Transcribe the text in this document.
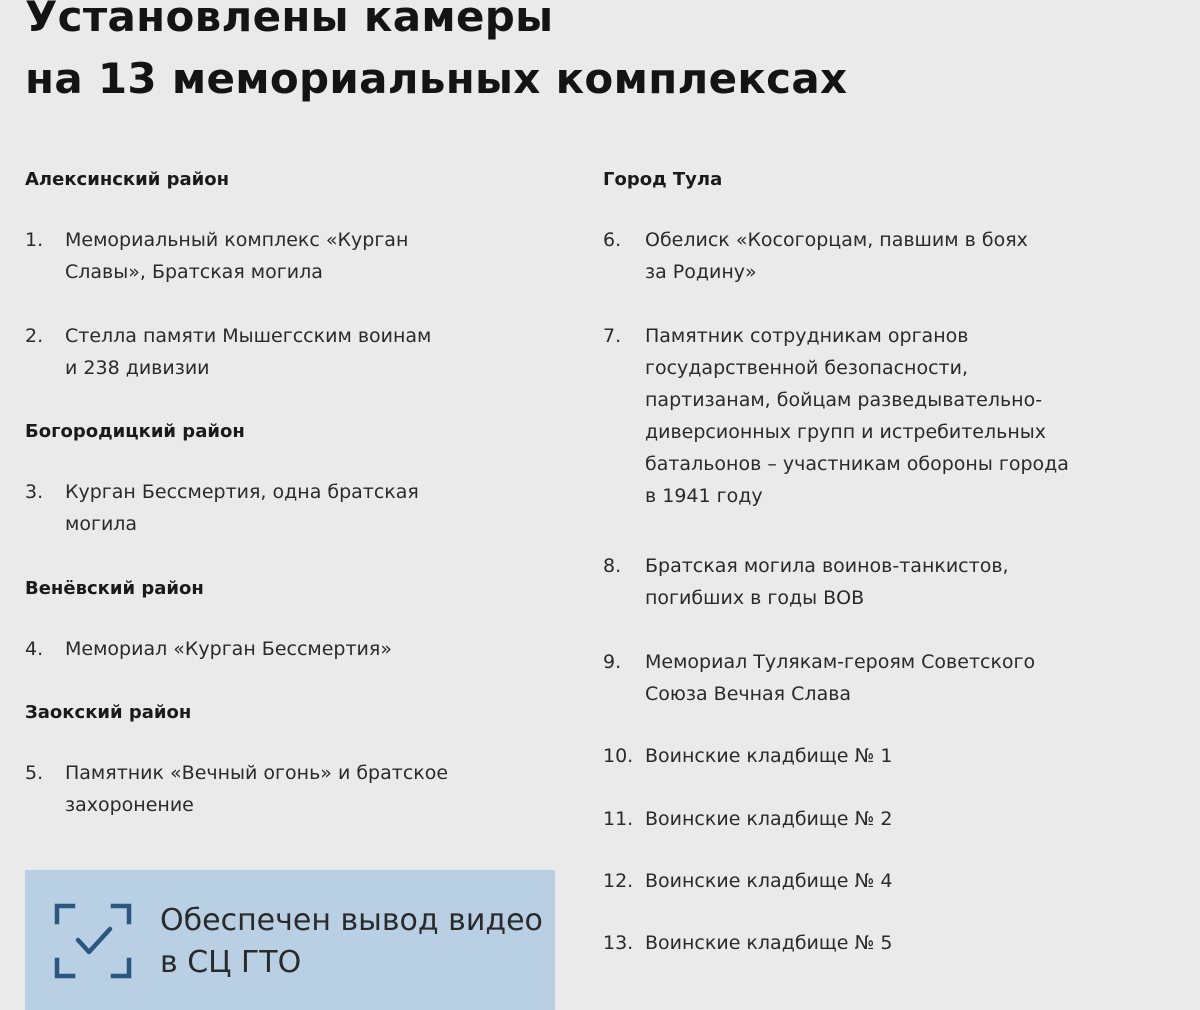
Установлены камеры
на 13 мемориальных комплексах
Алексинский район
1. Мемориальный комплекс «Курган
Славы», Братская могила
2. Стелла памяти Мышегсским воинам
и 238 дивизии
Богородицкий район
3. Курган Бессмертия, одна братская
могила
Венёвский район
4. Мемориал «Курган Бессмертия»
Заокский район
5. Памятник «Вечный огонь» и братское
захоронение
Город Тула
6. Обелиск «Косогорцам, павшим в боях
за Родину»
7. Памятник сотрудникам органов
государственной безопасности,
партизанам, бойцам разведывательно-
диверсионных групп и истребительных
батальонов – участникам обороны города
в 1941 году
8. Братская могила воинов-танкистов,
погибших в годы ВОВ
9. Мемориал Тулякам-героям Советского
Союза Вечная Слава
10. Воинские кладбище № 1
11. Воинские кладбище № 2
12. Воинские кладбище № 4
13. Воинские кладбище № 5
Обеспечен вывод видео
в СЦ ГТО
